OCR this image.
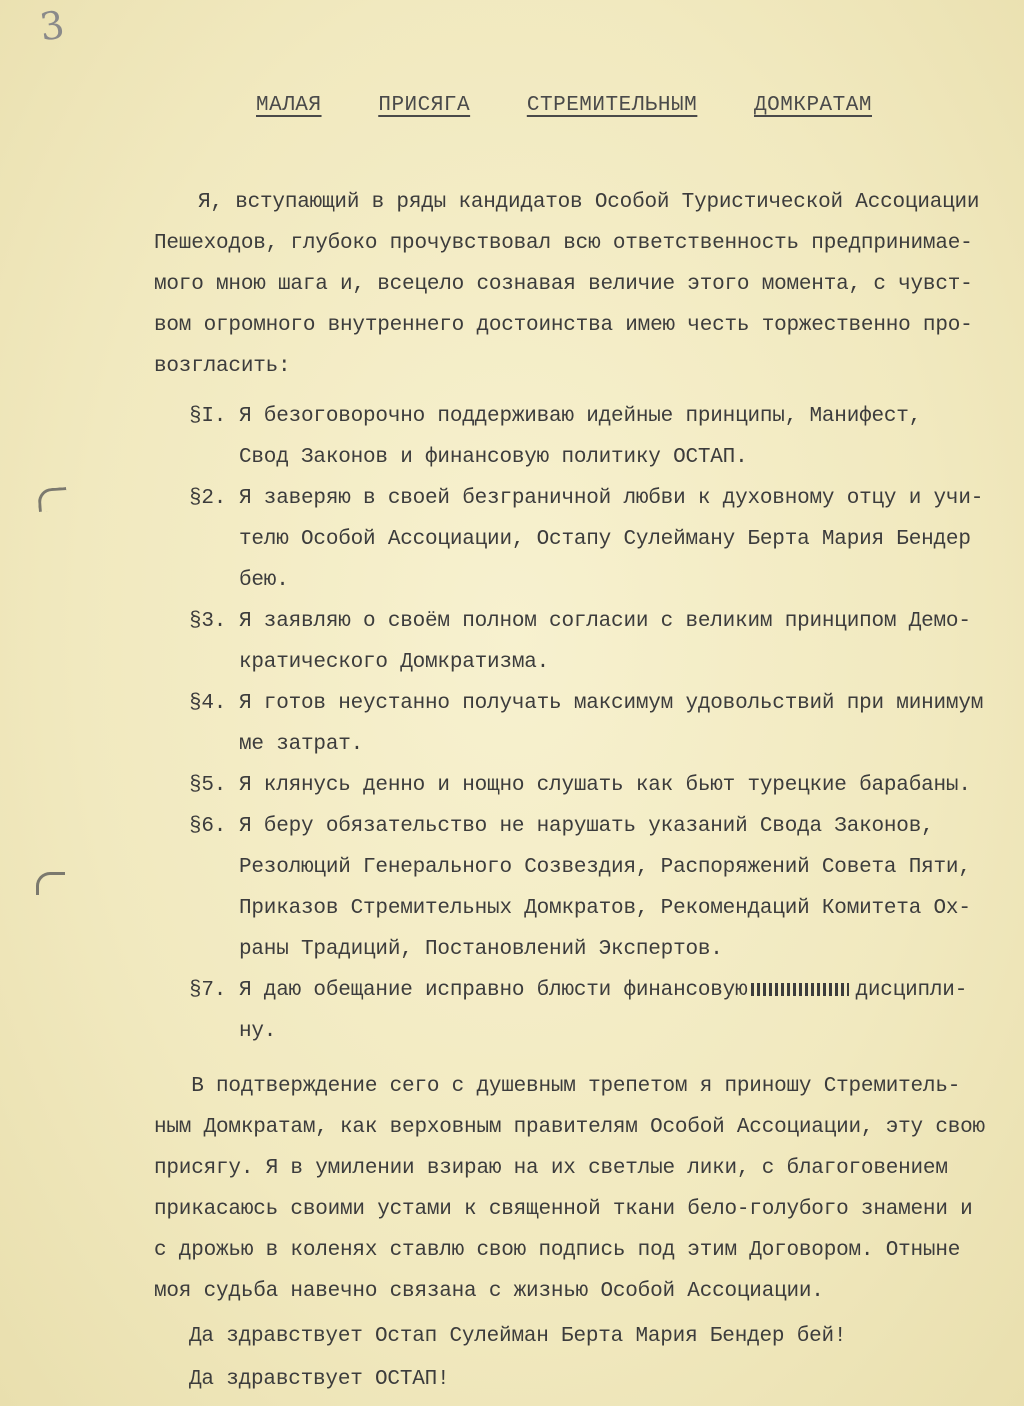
3
МАЛАЯ	ПРИСЯГА	СТРЕМИТЕЛЬНЫМ	ДОМКРАТАМ
Я, вступающий в ряды кандидатов Особой Туристической Ассоциации
Пешеходов, глубоко прочувствовал всю ответственность предпринимае-
мого мною шага и, всецело сознавая величие этого момента, с чувст-
вом огромного внутреннего достоинства имею честь торжественно про-
возгласить:
§I. Я безоговорочно поддерживаю идейные принципы, Манифест,
Свод Законов и финансовую политику ОСТАП.
§2. Я заверяю в своей безграничной любви к духовному отцу и учи-
телю Особой Ассоциации, Остапу Сулейману Берта Мария Бендер
бею.
§3. Я заявляю о своём полном согласии с великим принципом Демо-
кратического Домкратизма.
§4. Я готов неустанно получать максимум удовольствий при минимум
ме затрат.
§5. Я клянусь денно и нощно слушать как бьют турецкие барабаны.
§6. Я беру обязательство не нарушать указаний Свода Законов,
Резолюций Генерального Созвездия, Распоряжений Совета Пяти,
Приказов Стремительных Домкратов, Рекомендаций Комитета Ох-
раны Традиций, Постановлений Экспертов.
§7. Я даю обещание исправно блюсти финансовую	дисципли-
ну.
В подтверждение сего с душевным трепетом я приношу Стремитель-
ным Домкратам, как верховным правителям Особой Ассоциации, эту свою
присягу. Я в умилении взираю на их светлые лики, с благоговением
прикасаюсь своими устами к священной ткани бело-голубого знамени и
с дрожью в коленях ставлю свою подпись под этим Договором. Отныне
моя судьба навечно связана с жизнью Особой Ассоциации.
Да здравствует Остап Сулейман Берта Мария Бендер бей!
Да здравствует ОСТАП!
